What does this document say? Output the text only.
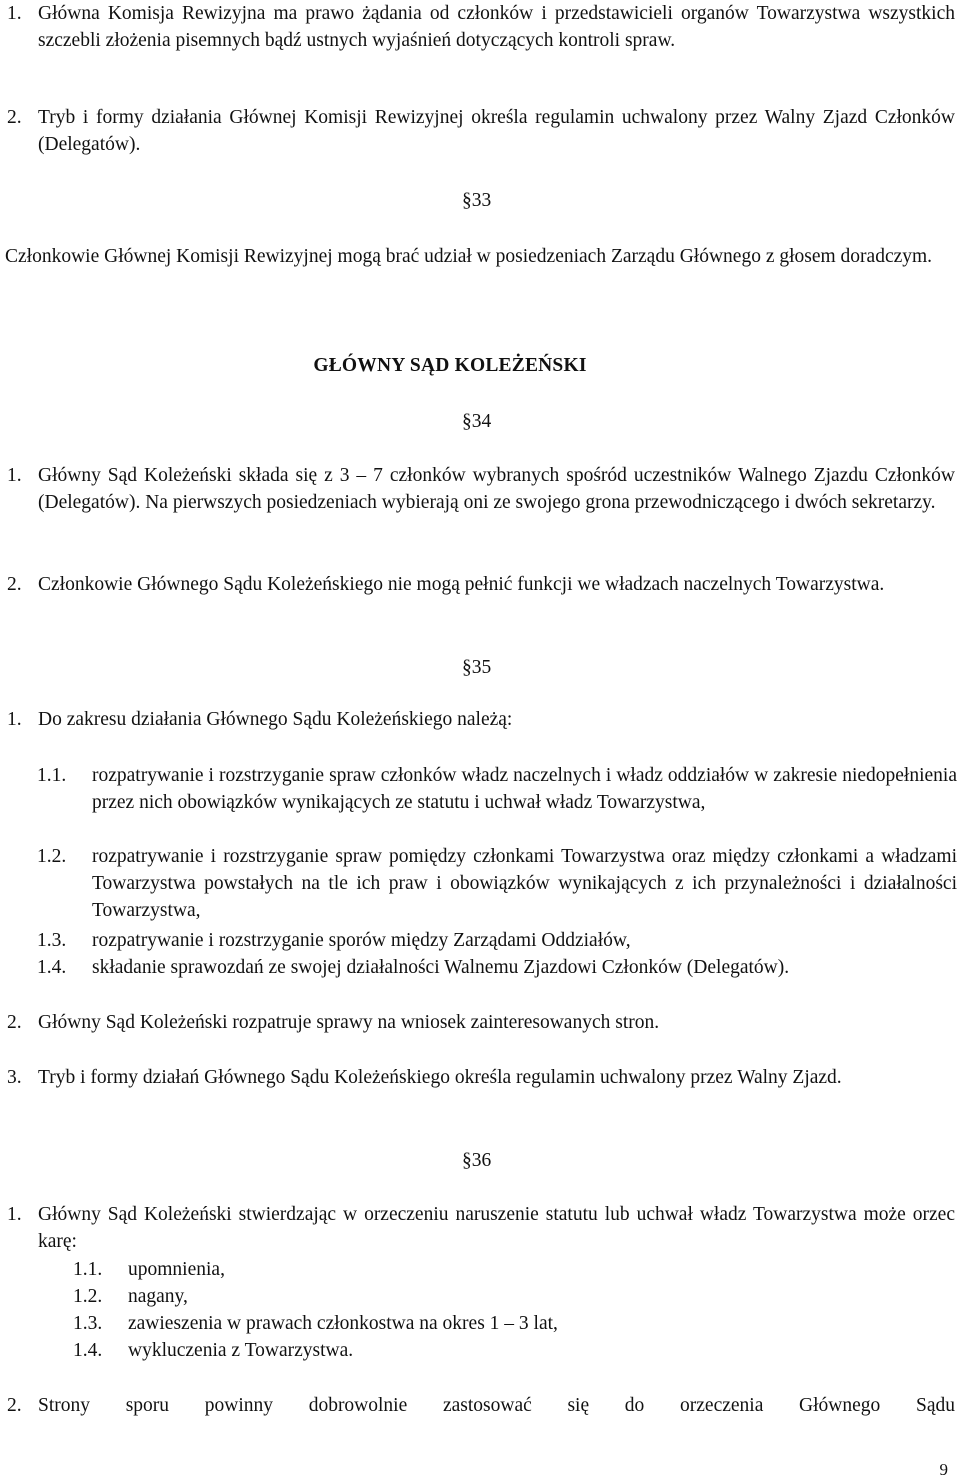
1. Główna Komisja Rewizyjna ma prawo żądania od członków i przedstawicieli organów Towarzystwa wszystkich szczebli złożenia pisemnych bądź ustnych wyjaśnień dotyczących kontroli spraw.
2. Tryb i formy działania Głównej Komisji Rewizyjnej określa regulamin uchwalony przez Walny Zjazd Członków (Delegatów).
§33
Członkowie Głównej Komisji Rewizyjnej mogą brać udział w posiedzeniach Zarządu Głównego z głosem doradczym.
GŁÓWNY SĄD KOLEŻEŃSKI
§34
1. Główny Sąd Koleżeński składa się z 3 – 7 członków wybranych spośród uczestników Walnego Zjazdu Członków (Delegatów). Na pierwszych posiedzeniach wybierają oni ze swojego grona przewodniczącego i dwóch sekretarzy.
2. Członkowie Głównego Sądu Koleżeńskiego nie mogą pełnić funkcji we władzach naczelnych Towarzystwa.
§35
1. Do zakresu działania Głównego Sądu Koleżeńskiego należą:
1.1.	rozpatrywanie i rozstrzyganie spraw członków władz naczelnych i władz oddziałów w zakresie niedopełnienia przez nich obowiązków wynikających ze statutu i uchwał władz Towarzystwa,
1.2.	rozpatrywanie i rozstrzyganie spraw pomiędzy członkami Towarzystwa oraz między członkami a władzami Towarzystwa powstałych na tle ich praw i obowiązków wynikających z ich przynależności i działalności Towarzystwa,
1.3.	rozpatrywanie i rozstrzyganie sporów między Zarządami Oddziałów,
1.4.	składanie sprawozdań ze swojej działalności Walnemu Zjazdowi Członków (Delegatów).
2. Główny Sąd Koleżeński rozpatruje sprawy na wniosek zainteresowanych stron.
3. Tryb i formy działań Głównego Sądu Koleżeńskiego określa regulamin uchwalony przez Walny Zjazd.
§36
1. Główny Sąd Koleżeński stwierdzając w orzeczeniu naruszenie statutu lub uchwał władz Towarzystwa może orzec karę:
1.1.	upomnienia,
1.2.	nagany,
1.3.	zawieszenia w prawach członkostwa na okres 1 – 3 lat,
1.4.	wykluczenia z Towarzystwa.
2. Strony sporu powinny dobrowolnie zastosować się do orzeczenia Głównego Sądu
9
